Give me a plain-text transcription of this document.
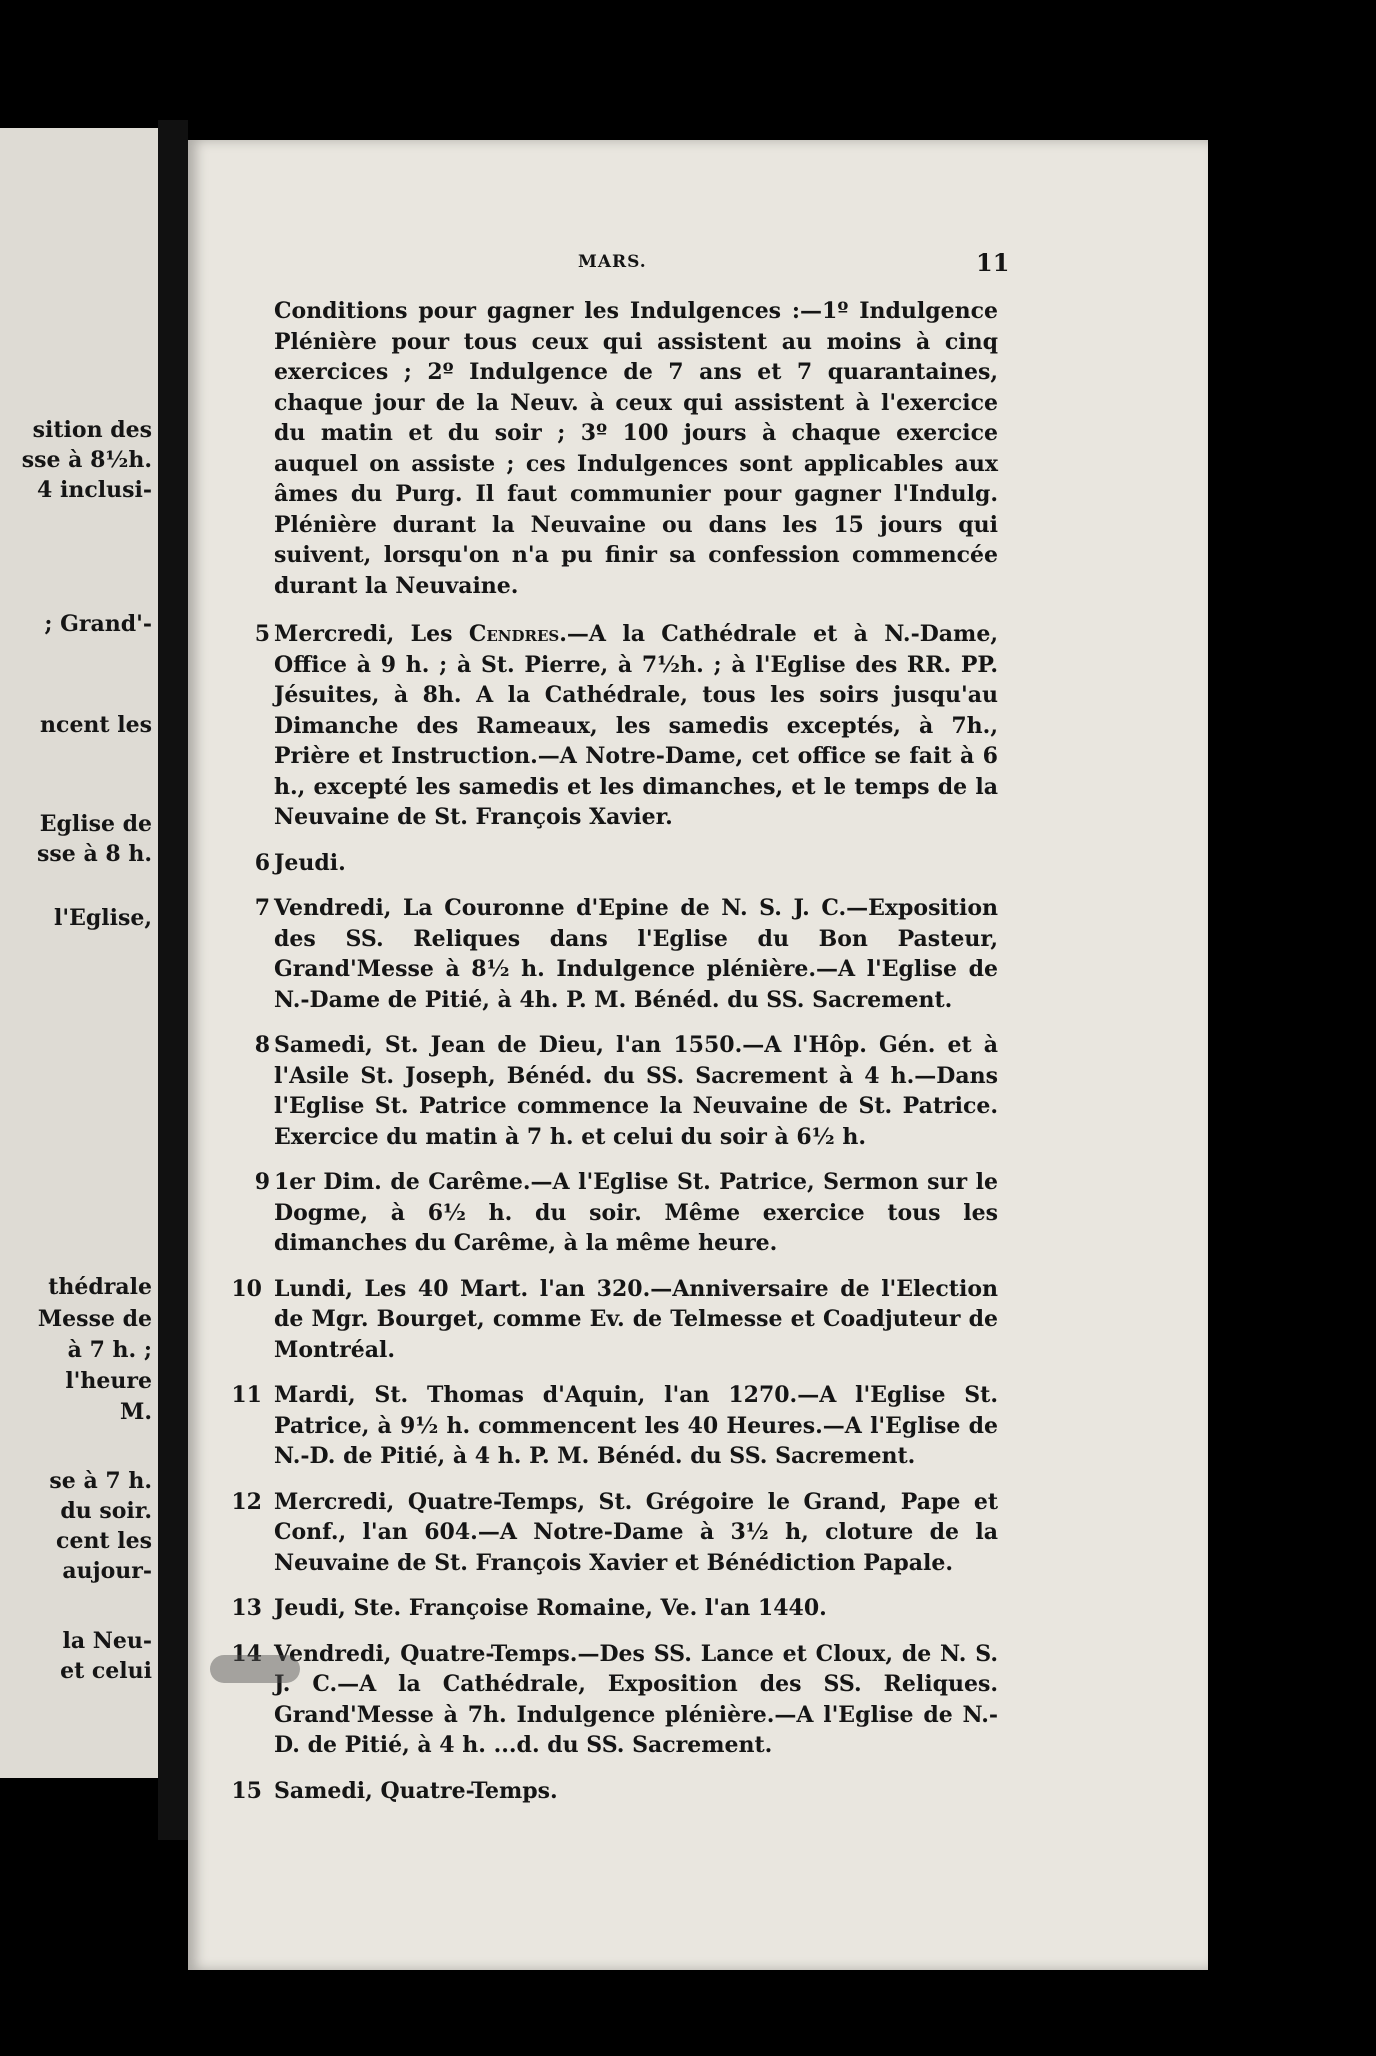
sition des

sse à 8½h.

4 inclusi-

; Grand'-

ncent les

Eglise de

sse à 8 h.

l'Eglise,

thédrale

Messe de

à 7 h. ;

l'heure

M.

se à 7 h.

du soir.

cent les

aujour-

la Neu-

et celui

MARS.	11

Conditions pour gagner les Indulgences :—1º Indulgence Plénière pour tous ceux qui assistent au moins à cinq exercices ; 2º Indulgence de 7 ans et 7 quarantaines, chaque jour de la Neuv. à ceux qui assistent à l'exercice du matin et du soir ; 3º 100 jours à chaque exercice auquel on assiste ; ces Indulgences sont applicables aux âmes du Purg. Il faut communier pour gagner l'Indulg. Plénière durant la Neuvaine ou dans les 15 jours qui suivent, lorsqu'on n'a pu finir sa confession commencée durant la Neuvaine.

5 Mercredi, Les Cendres.—A la Cathédrale et à N.-Dame, Office à 9 h. ; à St. Pierre, à 7½h. ; à l'Eglise des RR. PP. Jésuites, à 8h. A la Cathédrale, tous les soirs jusqu'au Dimanche des Rameaux, les samedis exceptés, à 7h., Prière et Instruction.—A Notre-Dame, cet office se fait à 6 h., excepté les samedis et les dimanches, et le temps de la Neuvaine de St. François Xavier.
6 Jeudi.
7 Vendredi, La Couronne d'Epine de N. S. J. C.—Exposition des SS. Reliques dans l'Eglise du Bon Pasteur, Grand'Messe à 8½ h. Indulgence plénière.—A l'Eglise de N.-Dame de Pitié, à 4h. P. M. Bénéd. du SS. Sacrement.
8 Samedi, St. Jean de Dieu, l'an 1550.—A l'Hôp. Gén. et à l'Asile St. Joseph, Bénéd. du SS. Sacrement à 4 h.—Dans l'Eglise St. Patrice commence la Neuvaine de St. Patrice. Exercice du matin à 7 h. et celui du soir à 6½ h.
9 1er Dim. de Carême.—A l'Eglise St. Patrice, Sermon sur le Dogme, à 6½ h. du soir. Même exercice tous les dimanches du Carême, à la même heure.
10 Lundi, Les 40 Mart. l'an 320.—Anniversaire de l'Election de Mgr. Bourget, comme Ev. de Telmesse et Coadjuteur de Montréal.
11 Mardi, St. Thomas d'Aquin, l'an 1270.—A l'Eglise St. Patrice, à 9½ h. commencent les 40 Heures.—A l'Eglise de N.-D. de Pitié, à 4 h. P. M. Bénéd. du SS. Sacrement.
12 Mercredi, Quatre-Temps, St. Grégoire le Grand, Pape et Conf., l'an 604.—A Notre-Dame à 3½ h, cloture de la Neuvaine de St. François Xavier et Bénédiction Papale.
13 Jeudi, Ste. Françoise Romaine, Ve. l'an 1440.
14 Vendredi, Quatre-Temps.—Des SS. Lance et Cloux, de N. S. J. C.—A la Cathédrale, Exposition des SS. Reliques. Grand'Messe à 7h. Indulgence plénière.—A l'Eglise de N.-D. de Pitié, à 4 h. ...d. du SS. Sacrement.
15 Samedi, Quatre-Temps.
